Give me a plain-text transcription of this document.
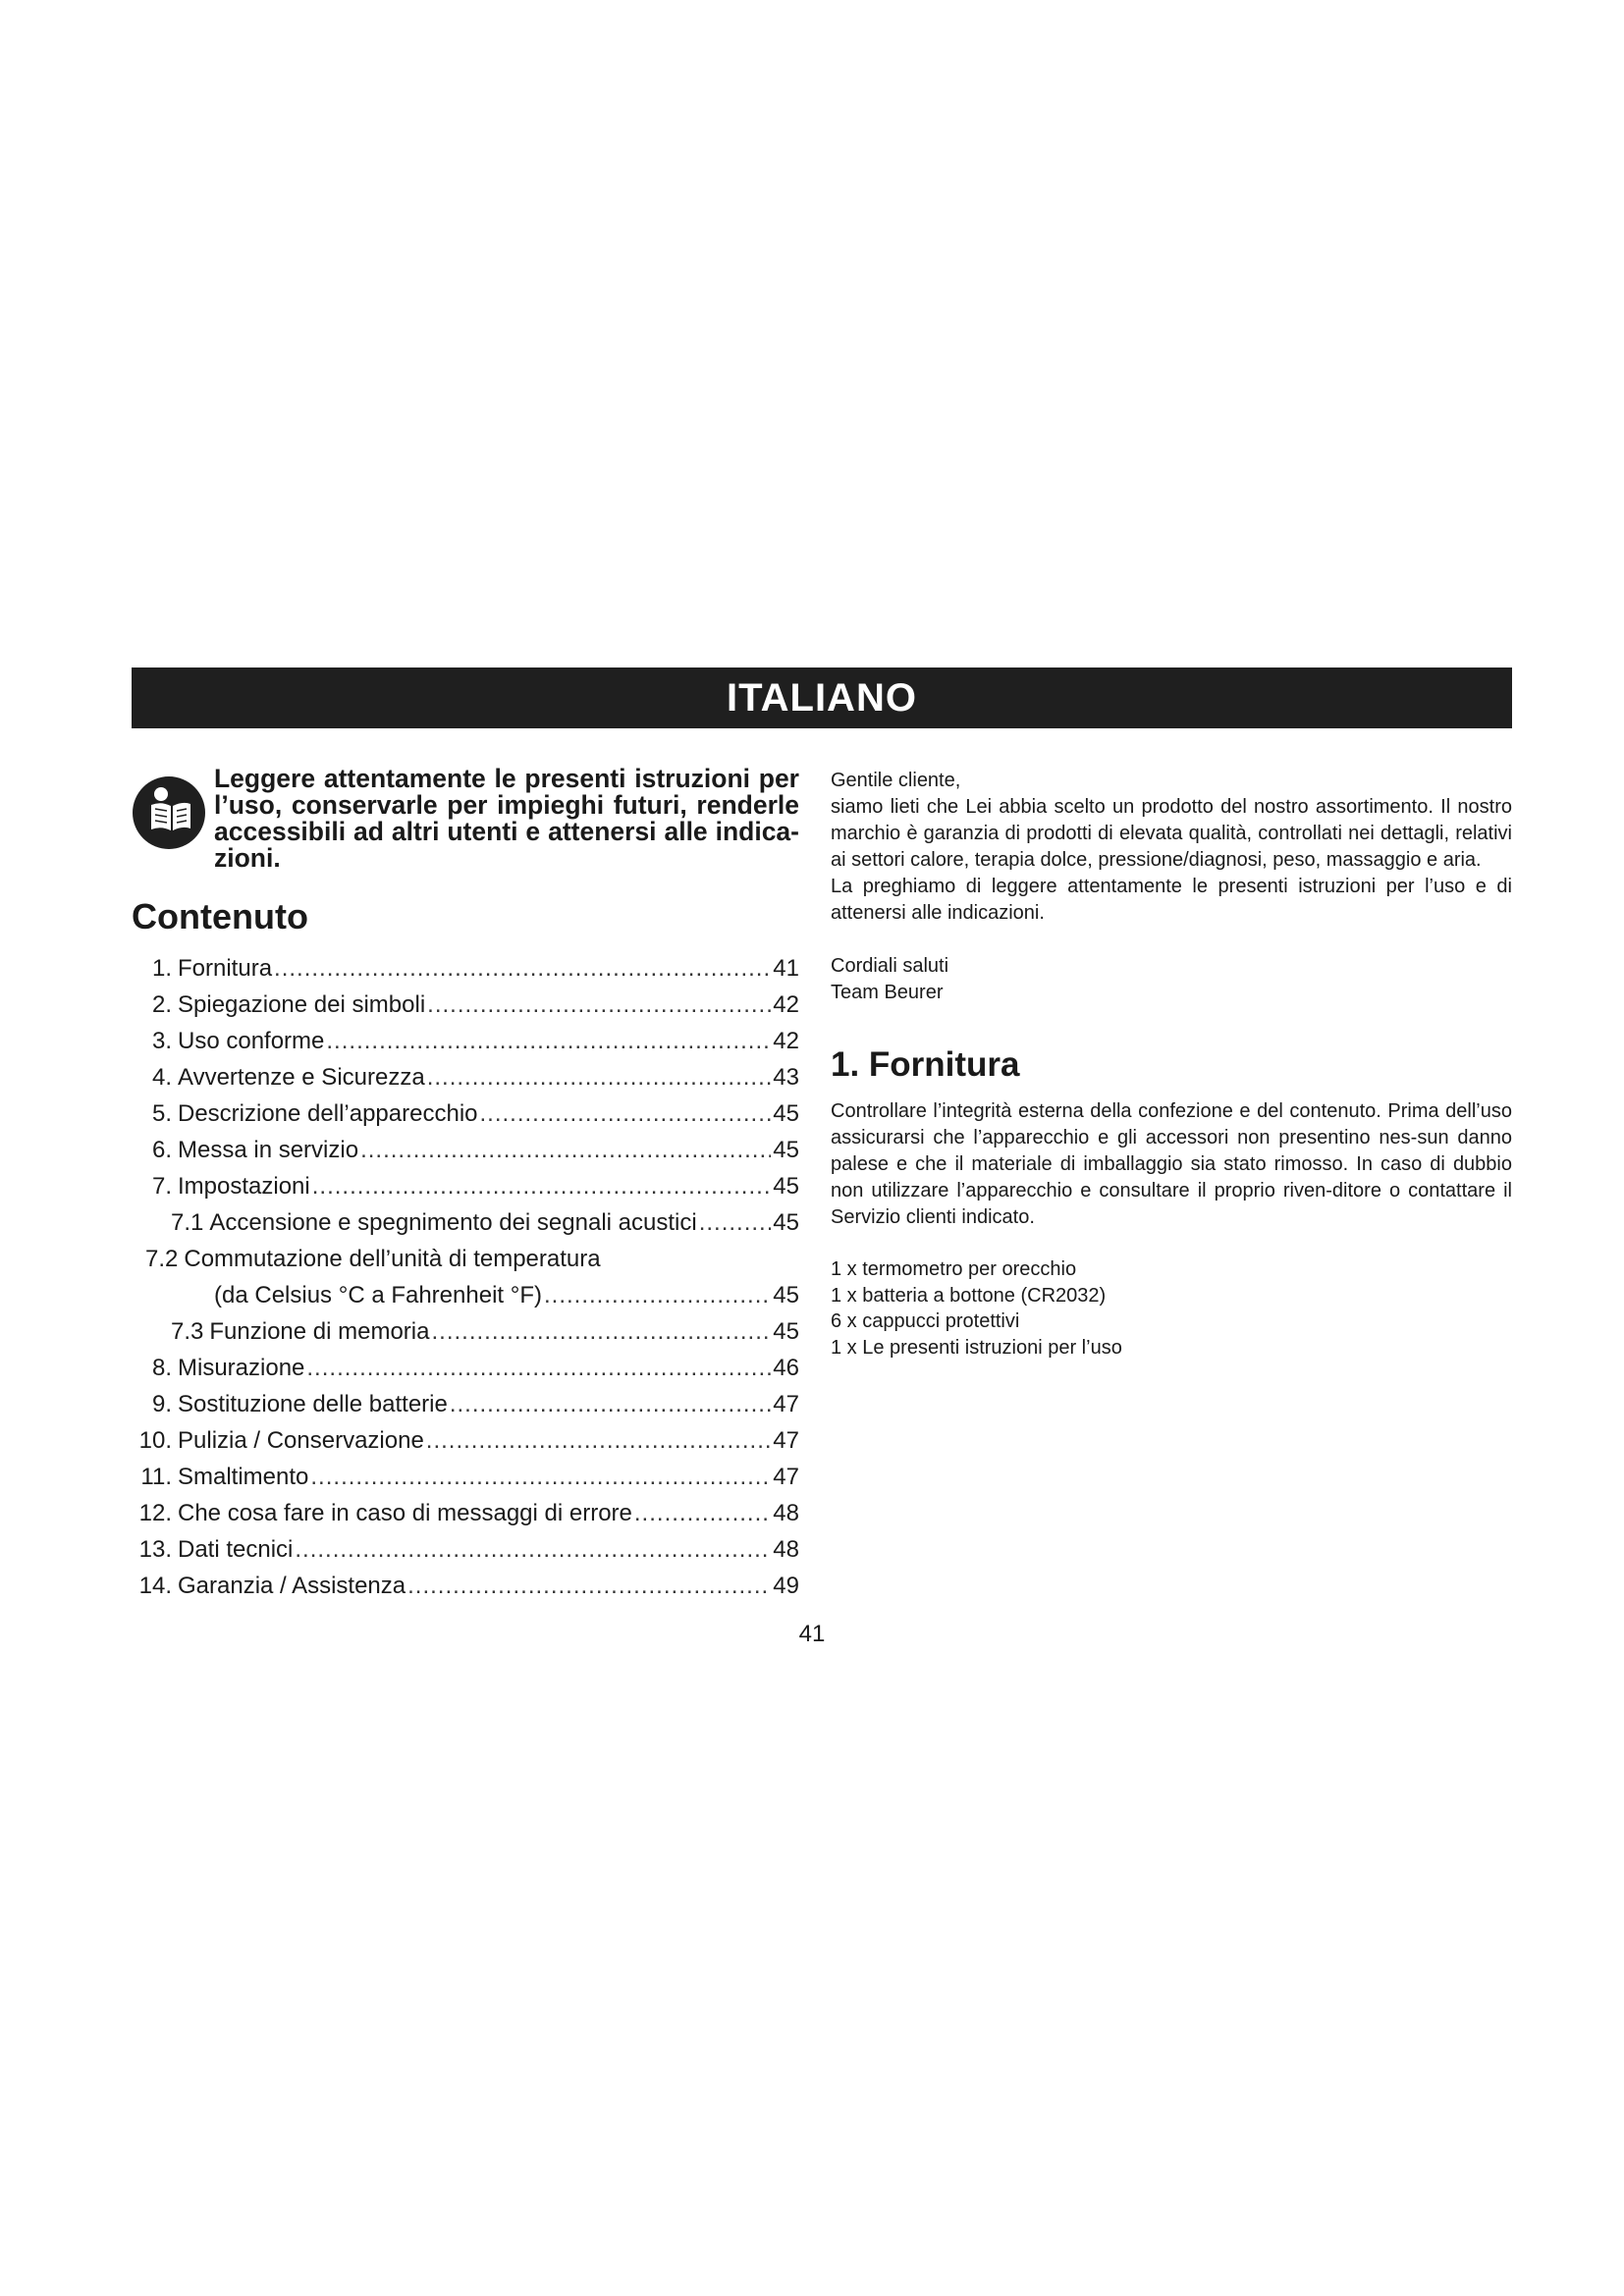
ITALIANO

Leggere attentamente le presenti istruzioni per l’uso, conservarle per impieghi futuri, renderle accessibili ad altri utenti e attenersi alle indica-zioni.

Contenuto
1. Fornitura .....	41
2. Spiegazione dei simboli .....	42
3. Uso conforme .....	42
4. Avvertenze e Sicurezza .....	43
5. Descrizione dell’apparecchio .....	45
6. Messa in servizio .....	45
7. Impostazioni .....	45
7.1 Accensione e spegnimento dei segnali acustici .....	45
7.2 Commutazione dell’unità di temperatura
(da Celsius °C a Fahrenheit °F) .....	45
7.3 Funzione di memoria .....	45
8. Misurazione .....	46
9. Sostituzione delle batterie .....	47
10. Pulizia / Conservazione .....	47
11. Smaltimento .....	47
12. Che cosa fare in caso di messaggi di errore .....	48
13. Dati tecnici .....	48
14. Garanzia / Assistenza .....	49

Gentile cliente,

siamo lieti che Lei abbia scelto un prodotto del nostro assortimento. Il nostro marchio è garanzia di prodotti di elevata qualità, controllati nei dettagli, relativi ai settori calore, terapia dolce, pressione/diagnosi, peso, massaggio e aria.

La preghiamo di leggere attentamente le presenti istruzioni per l’uso e di attenersi alle indicazioni.

Cordiali saluti

Team Beurer

1. Fornitura

Controllare l’integrità esterna della confezione e del contenuto. Prima dell’uso assicurarsi che l’apparecchio e gli accessori non presentino nes-sun danno palese e che il materiale di imballaggio sia stato rimosso. In caso di dubbio non utilizzare l’apparecchio e consultare il proprio riven-ditore o contattare il Servizio clienti indicato.

1 x termometro per orecchio
1 x batteria a bottone (CR2032)
6 x cappucci protettivi
1 x Le presenti istruzioni per l’uso
41
